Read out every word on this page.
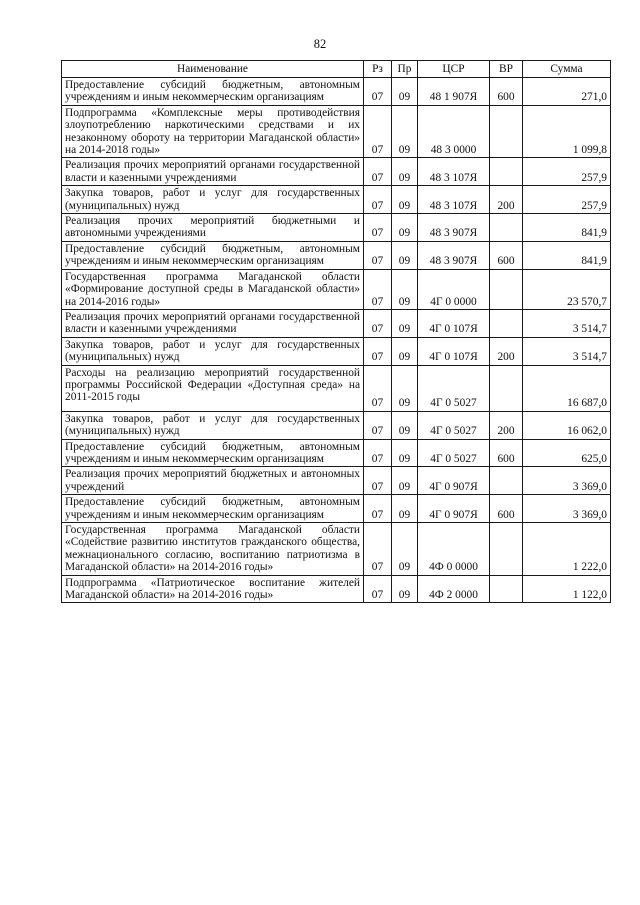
82
Наименование	Рз	Пр	ЦСР	ВР	Сумма
Предоставление субсидий бюджетным, автономным учреждениям и иным некоммерческим организациям	07	09	48 1 907Я	600	271,0
Подпрограмма «Комплексные меры противодействия злоупотреблению наркотическими средствами и их незаконному обороту на территории Магаданской области» на 2014-2018 годы»	07	09	48 3 0000		1 099,8
Реализация прочих мероприятий органами государственной власти и казенными учреждениями	07	09	48 3 107Я		257,9
Закупка товаров, работ и услуг для государственных (муниципальных) нужд	07	09	48 3 107Я	200	257,9
Реализация прочих мероприятий бюджетными и автономными учреждениями	07	09	48 3 907Я		841,9
Предоставление субсидий бюджетным, автономным учреждениям и иным некоммерческим организациям	07	09	48 3 907Я	600	841,9
Государственная программа Магаданской области «Формирование доступной среды в Магаданской области» на 2014-2016 годы»	07	09	4Г 0 0000		23 570,7
Реализация прочих мероприятий органами государственной власти и казенными учреждениями	07	09	4Г 0 107Я		3 514,7
Закупка товаров, работ и услуг для государственных (муниципальных) нужд	07	09	4Г 0 107Я	200	3 514,7
Расходы на реализацию мероприятий государственной программы Российской Федерации «Доступная среда» на 2011-2015 годы	07	09	4Г 0 5027		16 687,0
Закупка товаров, работ и услуг для государственных (муниципальных) нужд	07	09	4Г 0 5027	200	16 062,0
Предоставление субсидий бюджетным, автономным учреждениям и иным некоммерческим организациям	07	09	4Г 0 5027	600	625,0
Реализация прочих мероприятий бюджетных и автономных учреждений	07	09	4Г 0 907Я		3 369,0
Предоставление субсидий бюджетным, автономным учреждениям и иным некоммерческим организациям	07	09	4Г 0 907Я	600	3 369,0
Государственная программа Магаданской области «Содействие развитию институтов гражданского общества, межнационального согласию, воспитанию патриотизма в Магаданской области» на 2014-2016 годы»	07	09	4Ф 0 0000		1 222,0
Подпрограмма «Патриотическое воспитание жителей Магаданской области» на 2014-2016 годы»	07	09	4Ф 2 0000		1 122,0
